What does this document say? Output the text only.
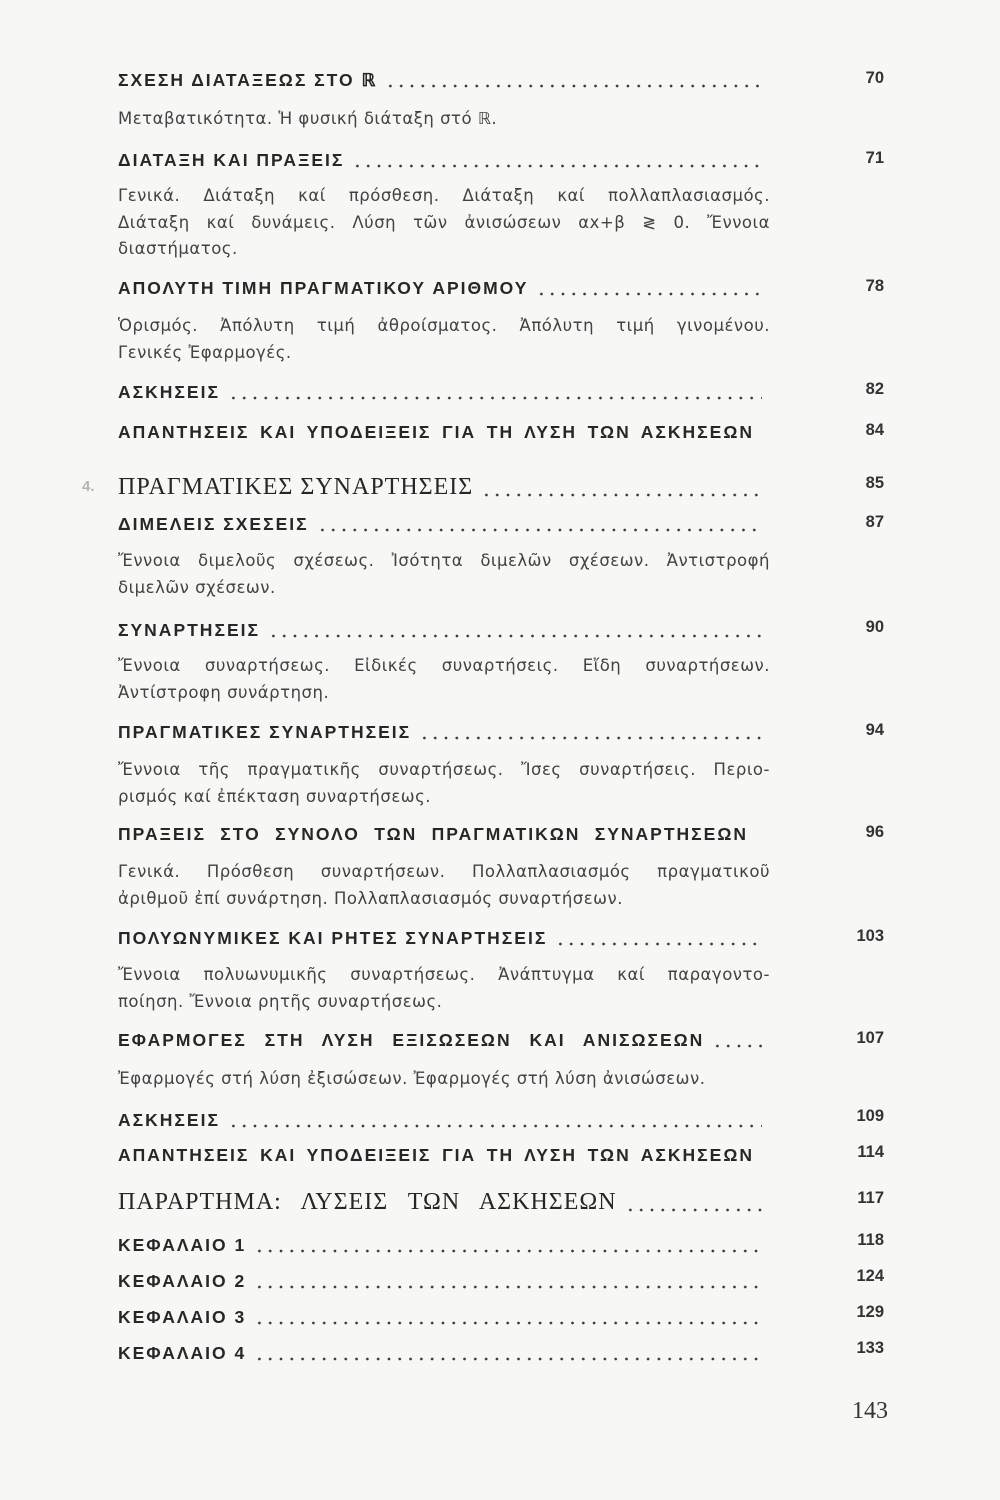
ΣΧΕΣΗ ΔΙΑΤΑΞΕΩΣ ΣΤΟ ℝ	70
Μεταβατικότητα. Ἡ φυσική διάταξη στό ℝ.
ΔΙΑΤΑΞΗ ΚΑΙ ΠΡΑΞΕΙΣ	71
Γενικά. Διάταξη καί πρόσθεση. Διάταξη καί πολλαπλασιασμός.
Διάταξη καί δυνάμεις. Λύση τῶν ἀνισώσεων αx+β ≷ 0. Ἔννοια
διαστήματος.
ΑΠΟΛΥΤΗ ΤΙΜΗ ΠΡΑΓΜΑΤΙΚΟΥ ΑΡΙΘΜΟΥ	78
Ὁρισμός. Ἀπόλυτη τιμή ἀθροίσματος. Ἀπόλυτη τιμή γινομένου.
Γενικές Ἐφαρμογές.
ΑΣΚΗΣΕΙΣ	82
ΑΠΑΝΤΗΣΕΙΣ ΚΑΙ ΥΠΟΔΕΙΞΕΙΣ ΓΙΑ ΤΗ ΛΥΣΗ ΤΩΝ ΑΣΚΗΣΕΩΝ	84
4. ΠΡΑΓΜΑΤΙΚΕΣ ΣΥΝΑΡΤΗΣΕΙΣ	85
ΔΙΜΕΛΕΙΣ ΣΧΕΣΕΙΣ	87
Ἔννοια διμελοῦς σχέσεως. Ἰσότητα διμελῶν σχέσεων. Ἀντιστροφή
διμελῶν σχέσεων.
ΣΥΝΑΡΤΗΣΕΙΣ	90
Ἔννοια συναρτήσεως. Εἰδικές συναρτήσεις. Εἴδη συναρτήσεων.
Ἀντίστροφη συνάρτηση.
ΠΡΑΓΜΑΤΙΚΕΣ ΣΥΝΑΡΤΗΣΕΙΣ	94
Ἔννοια τῆς πραγματικῆς συναρτήσεως. Ἴσες συναρτήσεις. Περιο-
ρισμός καί ἐπέκταση συναρτήσεως.
ΠΡΑΞΕΙΣ ΣΤΟ ΣΥΝΟΛΟ ΤΩΝ ΠΡΑΓΜΑΤΙΚΩΝ ΣΥΝΑΡΤΗΣΕΩΝ	96
Γενικά. Πρόσθεση συναρτήσεων. Πολλαπλασιασμός πραγματικοῦ
ἀριθμοῦ ἐπί συνάρτηση. Πολλαπλασιασμός συναρτήσεων.
ΠΟΛΥΩΝΥΜΙΚΕΣ ΚΑΙ ΡΗΤΕΣ ΣΥΝΑΡΤΗΣΕΙΣ	103
Ἔννοια πολυωνυμικῆς συναρτήσεως. Ἀνάπτυγμα καί παραγοντο-
ποίηση. Ἔννοια ρητῆς συναρτήσεως.
ΕΦΑΡΜΟΓΕΣ ΣΤΗ ΛΥΣΗ ΕΞΙΣΩΣΕΩΝ ΚΑΙ ΑΝΙΣΩΣΕΩΝ	107
Ἐφαρμογές στή λύση ἐξισώσεων. Ἐφαρμογές στή λύση ἀνισώσεων.
ΑΣΚΗΣΕΙΣ	109
ΑΠΑΝΤΗΣΕΙΣ ΚΑΙ ΥΠΟΔΕΙΞΕΙΣ ΓΙΑ ΤΗ ΛΥΣΗ ΤΩΝ ΑΣΚΗΣΕΩΝ	114
ΠΑΡΑΡΤΗΜΑ: ΛΥΣΕΙΣ ΤΩΝ ΑΣΚΗΣΕΩΝ	117
ΚΕΦΑΛΑΙΟ 1	118
ΚΕΦΑΛΑΙΟ 2	124
ΚΕΦΑΛΑΙΟ 3	129
ΚΕΦΑΛΑΙΟ 4	133
143
